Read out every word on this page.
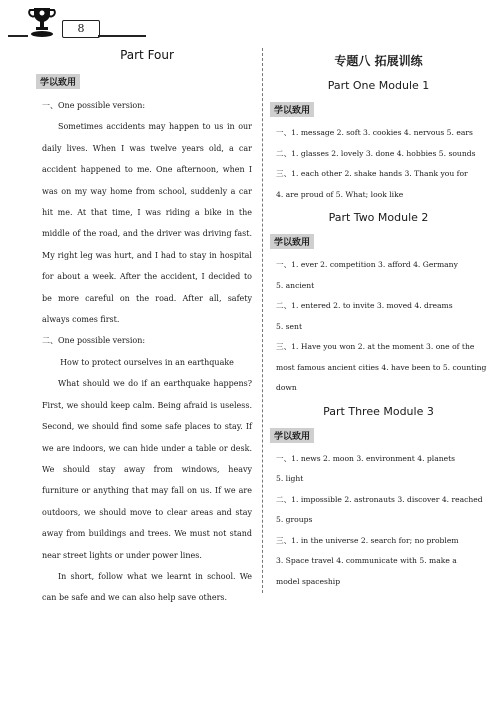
8
Part Four
学以致用

一、One possible version:

Sometimes accidents may happen to us in our daily lives. When I was twelve years old, a car accident happened to me. One afternoon, when I was on my way home from school, suddenly a car hit me. At that time, I was riding a bike in the middle of the road, and the driver was driving fast. My right leg was hurt, and I had to stay in hospital for about a week. After the accident, I decided to be more careful on the road. After all, safety always comes first.

二、One possible version:

How to protect ourselves in an earthquake

What should we do if an earthquake happens? First, we should keep calm. Being afraid is useless. Second, we should find some safe places to stay. If we are indoors, we can hide under a table or desk. We should stay away from windows, heavy furniture or anything that may fall on us. If we are outdoors, we should move to clear areas and stay away from buildings and trees. We must not stand near street lights or under power lines.

In short, follow what we learnt in school. We can be safe and we can also help save others.

专题八 拓展训练
Part One Module 1
学以致用

一、1. message 2. soft 3. cookies 4. nervous 5. ears

二、1. glasses 2. lovely 3. done 4. hobbies 5. sounds

三、1. each other 2. shake hands 3. Thank you for

4. are proud of 5. What; look like

Part Two Module 2
学以致用

一、1. ever 2. competition 3. afford 4. Germany

5. ancient

二、1. entered 2. to invite 3. moved 4. dreams

5. sent

三、1. Have you won 2. at the moment 3. one of the

most famous ancient cities 4. have been to 5. counting

down

Part Three Module 3
学以致用

一、1. news 2. moon 3. environment 4. planets

5. light

二、1. impossible 2. astronauts 3. discover 4. reached

5. groups

三、1. in the universe 2. search for; no problem

3. Space travel 4. communicate with 5. make a

model spaceship
